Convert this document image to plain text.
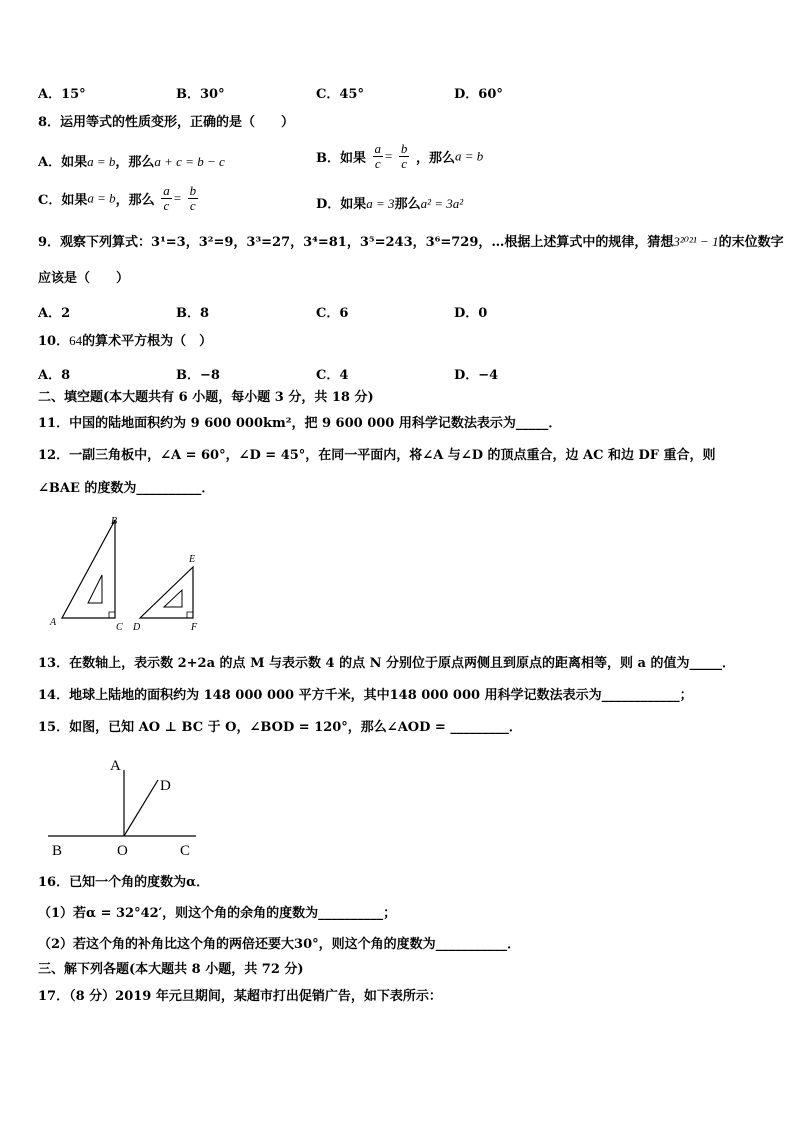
A．15°	B．30°	C．45°	D．60°
8．运用等式的性质变形，正确的是（　　）
A．如果a = b，那么a + c = b − c	B．如果 $\frac{a}{c} = \frac{b}{c}$ ，那么a = b
C．如果a = b，那么 $\frac{a}{c} = \frac{b}{c}$	D．如果a = 3那么a² = 3a²
9．观察下列算式：3¹=3，3²=9，3³=27，3⁴=81，3⁵=243，3⁶=729，…根据上述算式中的规律，猜想3²⁰²¹ − 1的末位数字
应该是（　　）
A．2	B．8	C．6	D．0
10．64的算术平方根为（　）
A．8	B．−8	C．4	D．−4
二、填空题(本大题共有 6 小题，每小题 3 分，共 18 分)
11．中国的陆地面积约为 9 600 000km²，把 9 600 000 用科学记数法表示为_____．
12．一副三角板中，∠A = 60°，∠D = 45°，在同一平面内，将∠A 与∠D 的顶点重合，边 AC 和边 DF 重合，则
∠BAE 的度数为__________．
B
A	C
E
D	F
13．在数轴上，表示数 2+2a 的点 M 与表示数 4 的点 N 分别位于原点两侧且到原点的距离相等，则 a 的值为_____．
14．地球上陆地的面积约为 148 000 000 平方千米，其中148 000 000 用科学记数法表示为____________；
15．如图，已知 AO ⊥ BC 于 O，∠BOD = 120°，那么∠AOD = _________．
A
D
B	O	C
16．已知一个角的度数为α．
（1）若α = 32°42′，则这个角的余角的度数为__________；
（2）若这个角的补角比这个角的两倍还要大30°，则这个角的度数为___________．
三、解下列各题(本大题共 8 小题，共 72 分)
17．（8 分）2019 年元旦期间，某超市打出促销广告，如下表所示：
